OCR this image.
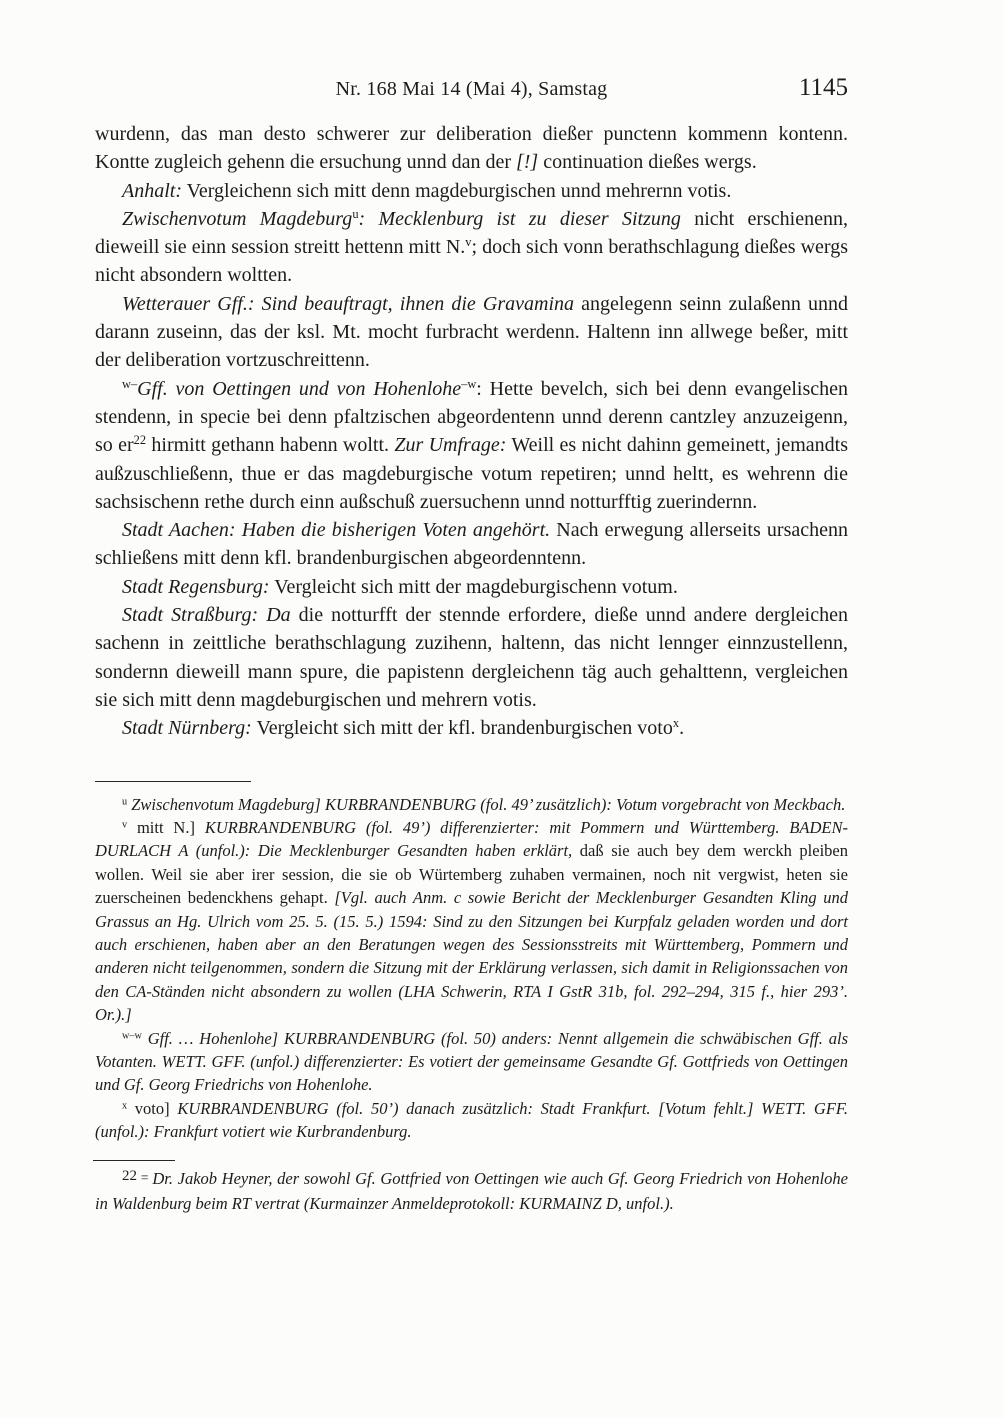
Nr. 168 Mai 14 (Mai 4), Samstag	1145

wurdenn, das man desto schwerer zur deliberation dießer punctenn kommenn kontenn. Kontte zugleich gehenn die ersuchung unnd dan der [!] continuation dießes wergs.

Anhalt: Vergleichenn sich mitt denn magdeburgischen unnd mehrernn votis.

Zwischenvotum Magdeburg$^u$: Mecklenburg ist zu dieser Sitzung nicht erschienenn, dieweill sie einn session streitt hettenn mitt N.$^v$; doch sich vonn berathschlagung dießes wergs nicht absondern woltten.

Wetterauer Gff.: Sind beauftragt, ihnen die Gravamina angelegenn seinn zulaßenn unnd darann zuseinn, das der ksl. Mt. mocht furbracht werdenn. Haltenn inn allwege beßer, mitt der deliberation vortzuschreittenn.

$^{w-}$Gff. von Oettingen und von Hohenlohe$^{-w}$: Hette bevelch, sich bei denn evangelischen stendenn, in specie bei denn pfaltzischen abgeordentenn unnd derenn cantzley anzuzeigenn, so $er^{22}$ hirmitt gethann habenn woltt. Zur Umfrage: Weill es nicht dahinn gemeinett, jemandts außzuschließenn, thue er das magdeburgische votum repetiren; unnd heltt, es wehrenn die sachsischenn rethe durch einn außschuß zuersuchenn unnd notturfftig zuerindernn.

Stadt Aachen: Haben die bisherigen Voten angehört. Nach erwegung allerseits ursachenn schließens mitt denn kfl. brandenburgischen abgeordenntenn.

Stadt Regensburg: Vergleicht sich mitt der magdeburgischenn votum.

Stadt Straßburg: Da die notturfft der stennde erfordere, dieße unnd andere dergleichen sachenn in zeittliche berathschlagung zuzihenn, haltenn, das nicht lennger einnzustellenn, sondernn dieweill mann spure, die papistenn dergleichenn täg auch gehalttenn, vergleichen sie sich mitt denn magdeburgischen und mehrern votis.

Stadt Nürnberg: Vergleicht sich mitt der kfl. brandenburgischen voto$^x$.

$^u$ Zwischenvotum Magdeburg] KURBRANDENBURG (fol. 49’ zusätzlich): Votum vorgebracht von Meckbach.

$^v$ mitt N.] KURBRANDENBURG (fol. 49’) differenzierter: mit Pommern und Württemberg. BADEN-DURLACH A (unfol.): Die Mecklenburger Gesandten haben erklärt, daß sie auch bey dem werckh pleiben wollen. Weil sie aber irer session, die sie ob Würtemberg zuhaben vermainen, noch nit vergwist, heten sie zuerscheinen bedenckhens gehapt. [Vgl. auch Anm. c sowie Bericht der Mecklenburger Gesandten Kling und Grassus an Hg. Ulrich vom 25. 5. (15. 5.) 1594: Sind zu den Sitzungen bei Kurpfalz geladen worden und dort auch erschienen, haben aber an den Beratungen wegen des Sessionsstreits mit Württemberg, Pommern und anderen nicht teilgenommen, sondern die Sitzung mit der Erklärung verlassen, sich damit in Religionssachen von den CA-Ständen nicht absondern zu wollen (LHA Schwerin, RTA I GstR 31b, fol. 292–294, 315 f., hier 293’. Or.).]

$^{w-w}$ Gff. … Hohenlohe] KURBRANDENBURG (fol. 50) anders: Nennt allgemein die schwäbischen Gff. als Votanten. WETT. GFF. (unfol.) differenzierter: Es votiert der gemeinsame Gesandte Gf. Gottfrieds von Oettingen und Gf. Georg Friedrichs von Hohenlohe.

$^x$ voto] KURBRANDENBURG (fol. 50’) danach zusätzlich: Stadt Frankfurt. [Votum fehlt.] WETT. GFF. (unfol.): Frankfurt votiert wie Kurbrandenburg.

22 = Dr. Jakob Heyner, der sowohl Gf. Gottfried von Oettingen wie auch Gf. Georg Friedrich von Hohenlohe in Waldenburg beim RT vertrat (Kurmainzer Anmeldeprotokoll: KURMAINZ D, unfol.).
